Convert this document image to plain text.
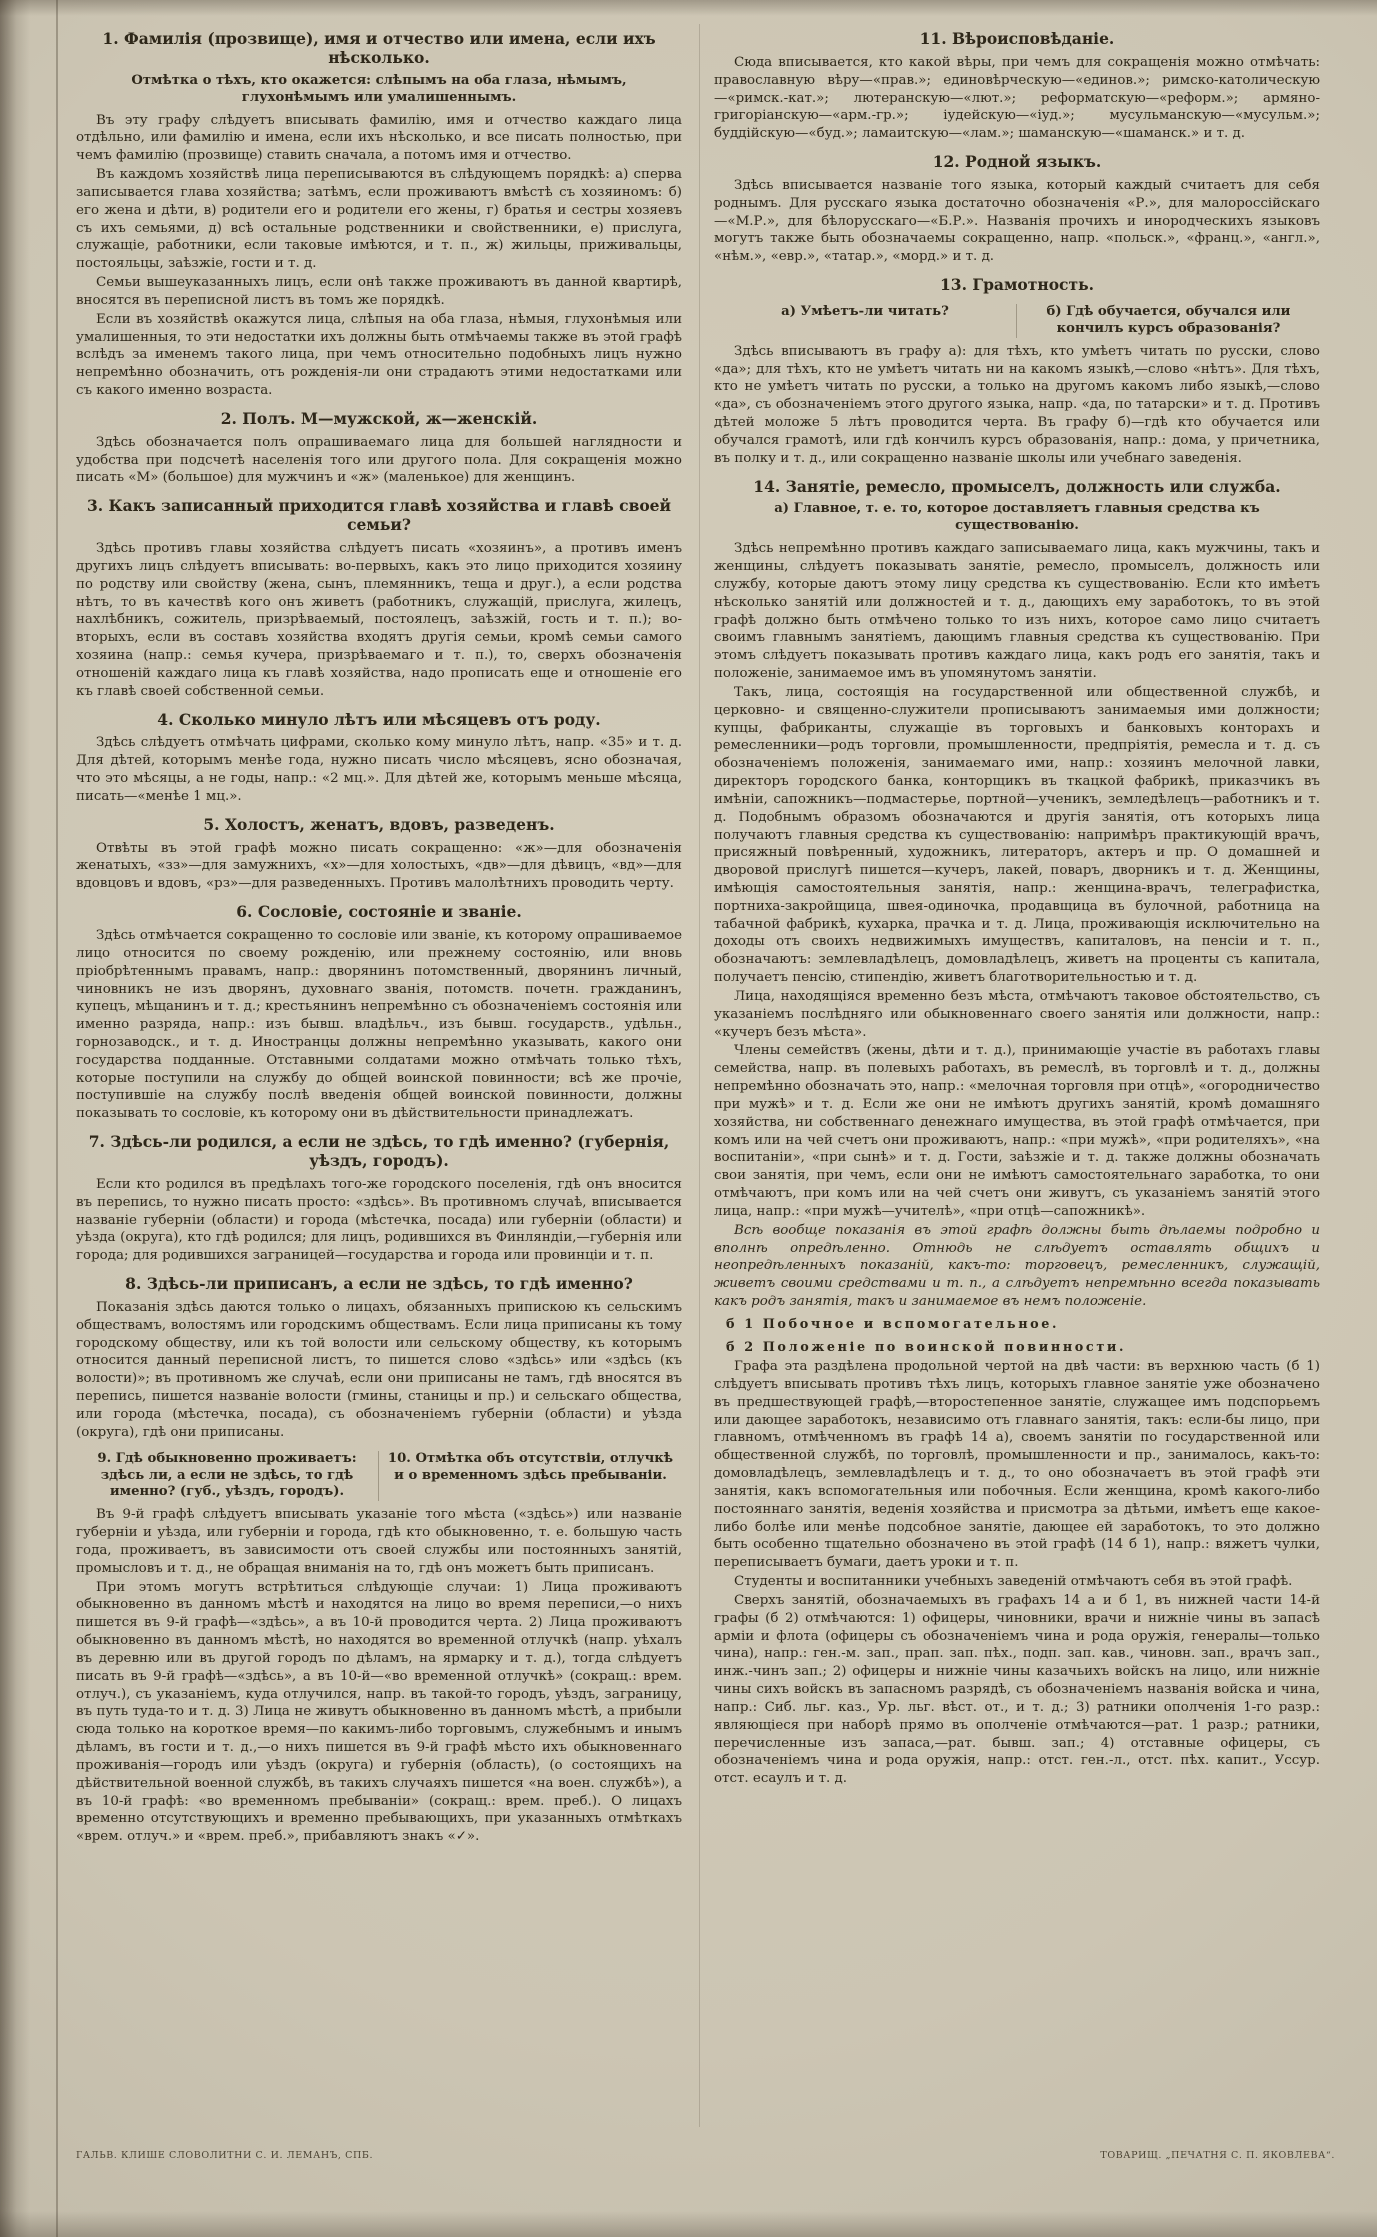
1. Фамилія (прозвище), имя и отчество или имена, если ихъ нѣсколько.
Отмѣтка о тѣхъ, кто окажется: слѣпымъ на оба глаза, нѣмымъ, глухонѣмымъ или умалишеннымъ.
Въ эту графу слѣдуетъ вписывать фамилію, имя и отчество каждаго лица отдѣльно, или фамилію и имена, если ихъ нѣсколько, и все писать полностью, при чемъ фамилію (прозвище) ставить сначала, а потомъ имя и отчество.
Въ каждомъ хозяйствѣ лица переписываются въ слѣдующемъ порядкѣ: а) сперва записывается глава хозяйства; затѣмъ, если проживаютъ вмѣстѣ съ хозяиномъ: б) его жена и дѣти, в) родители его и родители его жены, г) братья и сестры хозяевъ съ ихъ семьями, д) всѣ остальные родственники и свойственники, е) прислуга, служащіе, работники, если таковые имѣются, и т. п., ж) жильцы, приживальцы, постояльцы, заѣзжіе, гости и т. д.
Семьи вышеуказанныхъ лицъ, если онѣ также проживаютъ въ данной квартирѣ, вносятся въ переписной листъ въ томъ же порядкѣ.
Если въ хозяйствѣ окажутся лица, слѣпыя на оба глаза, нѣмыя, глухонѣмыя или умалишенныя, то эти недостатки ихъ должны быть отмѣчаемы также въ этой графѣ вслѣдъ за именемъ такого лица, при чемъ относительно подобныхъ лицъ нужно непремѣнно обозначить, отъ рожденія-ли они страдаютъ этими недостатками или съ какого именно возраста.
2. Полъ. М—мужской, ж—женскій.
Здѣсь обозначается полъ опрашиваемаго лица для большей наглядности и удобства при подсчетѣ населенія того или другого пола. Для сокращенія можно писать «М» (большое) для мужчинъ и «ж» (маленькое) для женщинъ.
3. Какъ записанный приходится главѣ хозяйства и главѣ своей семьи?
Здѣсь противъ главы хозяйства слѣдуетъ писать «хозяинъ», а противъ именъ другихъ лицъ слѣдуетъ вписывать: во-первыхъ, какъ это лицо приходится хозяину по родству или свойству (жена, сынъ, племянникъ, теща и друг.), а если родства нѣтъ, то въ качествѣ кого онъ живетъ (работникъ, служащій, прислуга, жилецъ, нахлѣбникъ, сожитель, призрѣваемый, постоялецъ, заѣзжій, гость и т. п.); во-вторыхъ, если въ составъ хозяйства входятъ другія семьи, кромѣ семьи самого хозяина (напр.: семья кучера, призрѣваемаго и т. п.), то, сверхъ обозначенія отношеній каждаго лица къ главѣ хозяйства, надо прописать еще и отношеніе его къ главѣ своей собственной семьи.
4. Сколько минуло лѣтъ или мѣсяцевъ отъ роду.
Здѣсь слѣдуетъ отмѣчать цифрами, сколько кому минуло лѣтъ, напр. «35» и т. д. Для дѣтей, которымъ менѣе года, нужно писать число мѣсяцевъ, ясно обозначая, что это мѣсяцы, а не годы, напр.: «2 мц.». Для дѣтей же, которымъ меньше мѣсяца, писать—«менѣе 1 мц.».
5. Холостъ, женатъ, вдовъ, разведенъ.
Отвѣты въ этой графѣ можно писать сокращенно: «ж»—для обозначенія женатыхъ, «зз»—для замужнихъ, «х»—для холостыхъ, «дв»—для дѣвицъ, «вд»—для вдовцовъ и вдовъ, «рз»—для разведенныхъ. Противъ малолѣтнихъ проводить черту.
6. Сословіе, состояніе и званіе.
Здѣсь отмѣчается сокращенно то сословіе или званіе, къ которому опрашиваемое лицо относится по своему рожденію, или прежнему состоянію, или вновь пріобрѣтеннымъ правамъ, напр.: дворянинъ потомственный, дворянинъ личный, чиновникъ не изъ дворянъ, духовнаго званія, потомств. почетн. гражданинъ, купецъ, мѣщанинъ и т. д.; крестьянинъ непремѣнно съ обозначеніемъ состоянія или именно разряда, напр.: изъ бывш. владѣльч., изъ бывш. государств., удѣльн., горнозаводск., и т. д. Иностранцы должны непремѣнно указывать, какого они государства подданные. Отставными солдатами можно отмѣчать только тѣхъ, которые поступили на службу до общей воинской повинности; всѣ же прочіе, поступившіе на службу послѣ введенія общей воинской повинности, должны показывать то сословіе, къ которому они въ дѣйствительности принадлежатъ.
7. Здѣсь-ли родился, а если не здѣсь, то гдѣ именно? (губернія, уѣздъ, городъ).
Если кто родился въ предѣлахъ того-же городского поселенія, гдѣ онъ вносится въ перепись, то нужно писать просто: «здѣсь». Въ противномъ случаѣ, вписывается названіе губерніи (области) и города (мѣстечка, посада) или губерніи (области) и уѣзда (округа), кто гдѣ родился; для лицъ, родившихся въ Финляндіи,—губернія или города; для родившихся заграницей—государства и города или провинціи и т. п.
8. Здѣсь-ли приписанъ, а если не здѣсь, то гдѣ именно?
Показанія здѣсь даются только о лицахъ, обязанныхъ припискою къ сельскимъ обществамъ, волостямъ или городскимъ обществамъ. Если лица приписаны къ тому городскому обществу, или къ той волости или сельскому обществу, къ которымъ относится данный переписной листъ, то пишется слово «здѣсь» или «здѣсь (къ волости)»; въ противномъ же случаѣ, если они приписаны не тамъ, гдѣ вносятся въ перепись, пишется названіе волости (гмины, станицы и пр.) и сельскаго общества, или города (мѣстечка, посада), съ обозначеніемъ губерніи (области) и уѣзда (округа), гдѣ они приписаны.
9. Гдѣ обыкновенно проживаетъ: здѣсь ли, а если не здѣсь, то гдѣ именно? (губ., уѣздъ, городъ).
10. Отмѣтка объ отсутствіи, отлучкѣ и о временномъ здѣсь пребываніи.
Въ 9-й графѣ слѣдуетъ вписывать указаніе того мѣста («здѣсь») или названіе губерніи и уѣзда, или губерніи и города, гдѣ кто обыкновенно, т. е. большую часть года, проживаетъ, въ зависимости отъ своей службы или постоянныхъ занятій, промысловъ и т. д., не обращая вниманія на то, гдѣ онъ можетъ быть приписанъ.
При этомъ могутъ встрѣтиться слѣдующіе случаи: 1) Лица проживаютъ обыкновенно въ данномъ мѣстѣ и находятся на лицо во время переписи,—о нихъ пишется въ 9-й графѣ—«здѣсь», а въ 10-й проводится черта. 2) Лица проживаютъ обыкновенно въ данномъ мѣстѣ, но находятся во временной отлучкѣ (напр. уѣхалъ въ деревню или въ другой городъ по дѣламъ, на ярмарку и т. д.), тогда слѣдуетъ писать въ 9-й графѣ—«здѣсь», а въ 10-й—«во временной отлучкѣ» (сокращ.: врем. отлуч.), съ указаніемъ, куда отлучился, напр. въ такой-то городъ, уѣздъ, заграницу, въ путь туда-то и т. д. 3) Лица не живутъ обыкновенно въ данномъ мѣстѣ, а прибыли сюда только на короткое время—по какимъ-либо торговымъ, служебнымъ и инымъ дѣламъ, въ гости и т. д.,—о нихъ пишется въ 9-й графѣ мѣсто ихъ обыкновеннаго проживанія—городъ или уѣздъ (округа) и губернія (область), (о состоящихъ на дѣйствительной военной службѣ, въ такихъ случаяхъ пишется «на воен. службѣ»), а въ 10-й графѣ: «во временномъ пребываніи» (сокращ.: врем. преб.). О лицахъ временно отсутствующихъ и временно пребывающихъ, при указанныхъ отмѣткахъ «врем. отлуч.» и «врем. преб.», прибавляютъ знакъ «✓».
11. Вѣроисповѣданіе.
Сюда вписывается, кто какой вѣры, при чемъ для сокращенія можно отмѣчать: православную вѣру—«прав.»; единовѣрческую—«единов.»; римско-католическую—«римск.-кат.»; лютеранскую—«лют.»; реформатскую—«реформ.»; армяно-григоріанскую—«арм.-гр.»; іудейскую—«іуд.»; мусульманскую—«мусульм.»; буддійскую—«буд.»; ламаитскую—«лам.»; шаманскую—«шаманск.» и т. д.
12. Родной языкъ.
Здѣсь вписывается названіе того языка, который каждый считаетъ для себя роднымъ. Для русскаго языка достаточно обозначенія «Р.», для малороссійскаго—«М.Р.», для бѣлорусскаго—«Б.Р.». Названія прочихъ и инородческихъ языковъ могутъ также быть обозначаемы сокращенно, напр. «польск.», «франц.», «англ.», «нѣм.», «евр.», «татар.», «морд.» и т. д.
13. Грамотность.
а) Умѣетъ-ли читать?	б) Гдѣ обучается, обучался или кончилъ курсъ образованія?
Здѣсь вписываютъ въ графу а): для тѣхъ, кто умѣетъ читать по русски, слово «да»; для тѣхъ, кто не умѣетъ читать ни на какомъ языкѣ,—слово «нѣтъ». Для тѣхъ, кто не умѣетъ читать по русски, а только на другомъ какомъ либо языкѣ,—слово «да», съ обозначеніемъ этого другого языка, напр. «да, по татарски» и т. д. Противъ дѣтей моложе 5 лѣтъ проводится черта. Въ графу б)—гдѣ кто обучается или обучался грамотѣ, или гдѣ кончилъ курсъ образованія, напр.: дома, у причетника, въ полку и т. д., или сокращенно названіе школы или учебнаго заведенія.
14. Занятіе, ремесло, промыселъ, должность или служба.
а) Главное, т. е. то, которое доставляетъ главныя средства къ существованію.
Здѣсь непремѣнно противъ каждаго записываемаго лица, какъ мужчины, такъ и женщины, слѣдуетъ показывать занятіе, ремесло, промыселъ, должность или службу, которые даютъ этому лицу средства къ существованію. Если кто имѣетъ нѣсколько занятій или должностей и т. д., дающихъ ему заработокъ, то въ этой графѣ должно быть отмѣчено только то изъ нихъ, которое само лицо считаетъ своимъ главнымъ занятіемъ, дающимъ главныя средства къ существованію. При этомъ слѣдуетъ показывать противъ каждаго лица, какъ родъ его занятія, такъ и положеніе, занимаемое имъ въ упомянутомъ занятіи.
Такъ, лица, состоящія на государственной или общественной службѣ, и церковно- и священно-служители прописываютъ занимаемыя ими должности; купцы, фабриканты, служащіе въ торговыхъ и банковыхъ конторахъ и ремесленники—родъ торговли, промышленности, предпріятія, ремесла и т. д. съ обозначеніемъ положенія, занимаемаго ими, напр.: хозяинъ мелочной лавки, директоръ городского банка, конторщикъ въ ткацкой фабрикѣ, приказчикъ въ имѣніи, сапожникъ—подмастерье, портной—ученикъ, земледѣлецъ—работникъ и т. д. Подобнымъ образомъ обозначаются и другія занятія, отъ которыхъ лица получаютъ главныя средства къ существованію: напримѣръ практикующій врачъ, присяжный повѣренный, художникъ, литераторъ, актеръ и пр. О домашней и дворовой прислугѣ пишется—кучеръ, лакей, поваръ, дворникъ и т. д. Женщины, имѣющія самостоятельныя занятія, напр.: женщина-врачъ, телеграфистка, портниха-закройщица, швея-одиночка, продавщица въ булочной, работница на табачной фабрикѣ, кухарка, прачка и т. д. Лица, проживающія исключительно на доходы отъ своихъ недвижимыхъ имуществъ, капиталовъ, на пенсіи и т. п., обозначаютъ: землевладѣлецъ, домовладѣлецъ, живетъ на проценты съ капитала, получаетъ пенсію, стипендію, живетъ благотворительностью и т. д.
Лица, находящіяся временно безъ мѣста, отмѣчаютъ таковое обстоятельство, съ указаніемъ послѣдняго или обыкновеннаго своего занятія или должности, напр.: «кучеръ безъ мѣста».
Члены семействъ (жены, дѣти и т. д.), принимающіе участіе въ работахъ главы семейства, напр. въ полевыхъ работахъ, въ ремеслѣ, въ торговлѣ и т. д., должны непремѣнно обозначать это, напр.: «мелочная торговля при отцѣ», «огородничество при мужѣ» и т. д. Если же они не имѣютъ другихъ занятій, кромѣ домашняго хозяйства, ни собственнаго денежнаго имущества, въ этой графѣ отмѣчается, при комъ или на чей счетъ они проживаютъ, напр.: «при мужѣ», «при родителяхъ», «на воспитаніи», «при сынѣ» и т. д. Гости, заѣзжіе и т. д. также должны обозначать свои занятія, при чемъ, если они не имѣютъ самостоятельнаго заработка, то они отмѣчаютъ, при комъ или на чей счетъ они живутъ, съ указаніемъ занятій этого лица, напр.: «при мужѣ—учителѣ», «при отцѣ—сапожникѣ».
Всѣ вообще показанія въ этой графѣ должны быть дѣлаемы подробно и вполнѣ опредѣленно. Отнюдь не слѣдуетъ оставлять общихъ и неопредѣленныхъ показаній, какъ-то: торговецъ, ремесленникъ, служащій, живетъ своими средствами и т. п., а слѣдуетъ непремѣнно всегда показывать какъ родъ занятія, такъ и занимаемое въ немъ положеніе.
б 1 Побочное и вспомогательное.
б 2 Положеніе по воинской повинности.
Графа эта раздѣлена продольной чертой на двѣ части: въ верхнюю часть (б 1) слѣдуетъ вписывать противъ тѣхъ лицъ, которыхъ главное занятіе уже обозначено въ предшествующей графѣ,—второстепенное занятіе, служащее имъ подспорьемъ или дающее заработокъ, независимо отъ главнаго занятія, такъ: если-бы лицо, при главномъ, отмѣченномъ въ графѣ 14 а), своемъ занятіи по государственной или общественной службѣ, по торговлѣ, промышленности и пр., занималось, какъ-то: домовладѣлецъ, землевладѣлецъ и т. д., то оно обозначаетъ въ этой графѣ эти занятія, какъ вспомогательныя или побочныя. Если женщина, кромѣ какого-либо постояннаго занятія, веденія хозяйства и присмотра за дѣтьми, имѣетъ еще какое-либо болѣе или менѣе подсобное занятіе, дающее ей заработокъ, то это должно быть особенно тщательно обозначено въ этой графѣ (14 б 1), напр.: вяжетъ чулки, переписываетъ бумаги, даетъ уроки и т. п.
Студенты и воспитанники учебныхъ заведеній отмѣчаютъ себя въ этой графѣ.
Сверхъ занятій, обозначаемыхъ въ графахъ 14 а и б 1, въ нижней части 14-й графы (б 2) отмѣчаются: 1) офицеры, чиновники, врачи и нижніе чины въ запасѣ арміи и флота (офицеры съ обозначеніемъ чина и рода оружія, генералы—только чина), напр.: ген.-м. зап., прап. зап. пѣх., подп. зап. кав., чиновн. зап., врачъ зап., инж.-чинъ зап.; 2) офицеры и нижніе чины казачьихъ войскъ на лицо, или нижніе чины сихъ войскъ въ запасномъ разрядѣ, съ обозначеніемъ названія войска и чина, напр.: Сиб. льг. каз., Ур. льг. вѣст. от., и т. д.; 3) ратники ополченія 1-го разр.: являющіеся при наборѣ прямо въ ополченіе отмѣчаются—рат. 1 разр.; ратники, перечисленные изъ запаса,—рат. бывш. зап.; 4) отставные офицеры, съ обозначеніемъ чина и рода оружія, напр.: отст. ген.-л., отст. пѣх. капит., Уссур. отст. есаулъ и т. д.
ГАЛЬВ. КЛИШЕ СЛОВОЛИТНИ С. И. ЛЕМАНЪ, СПБ.	ТОВАРИЩ. „ПЕЧАТНЯ С. П. ЯКОВЛЕВА“.
